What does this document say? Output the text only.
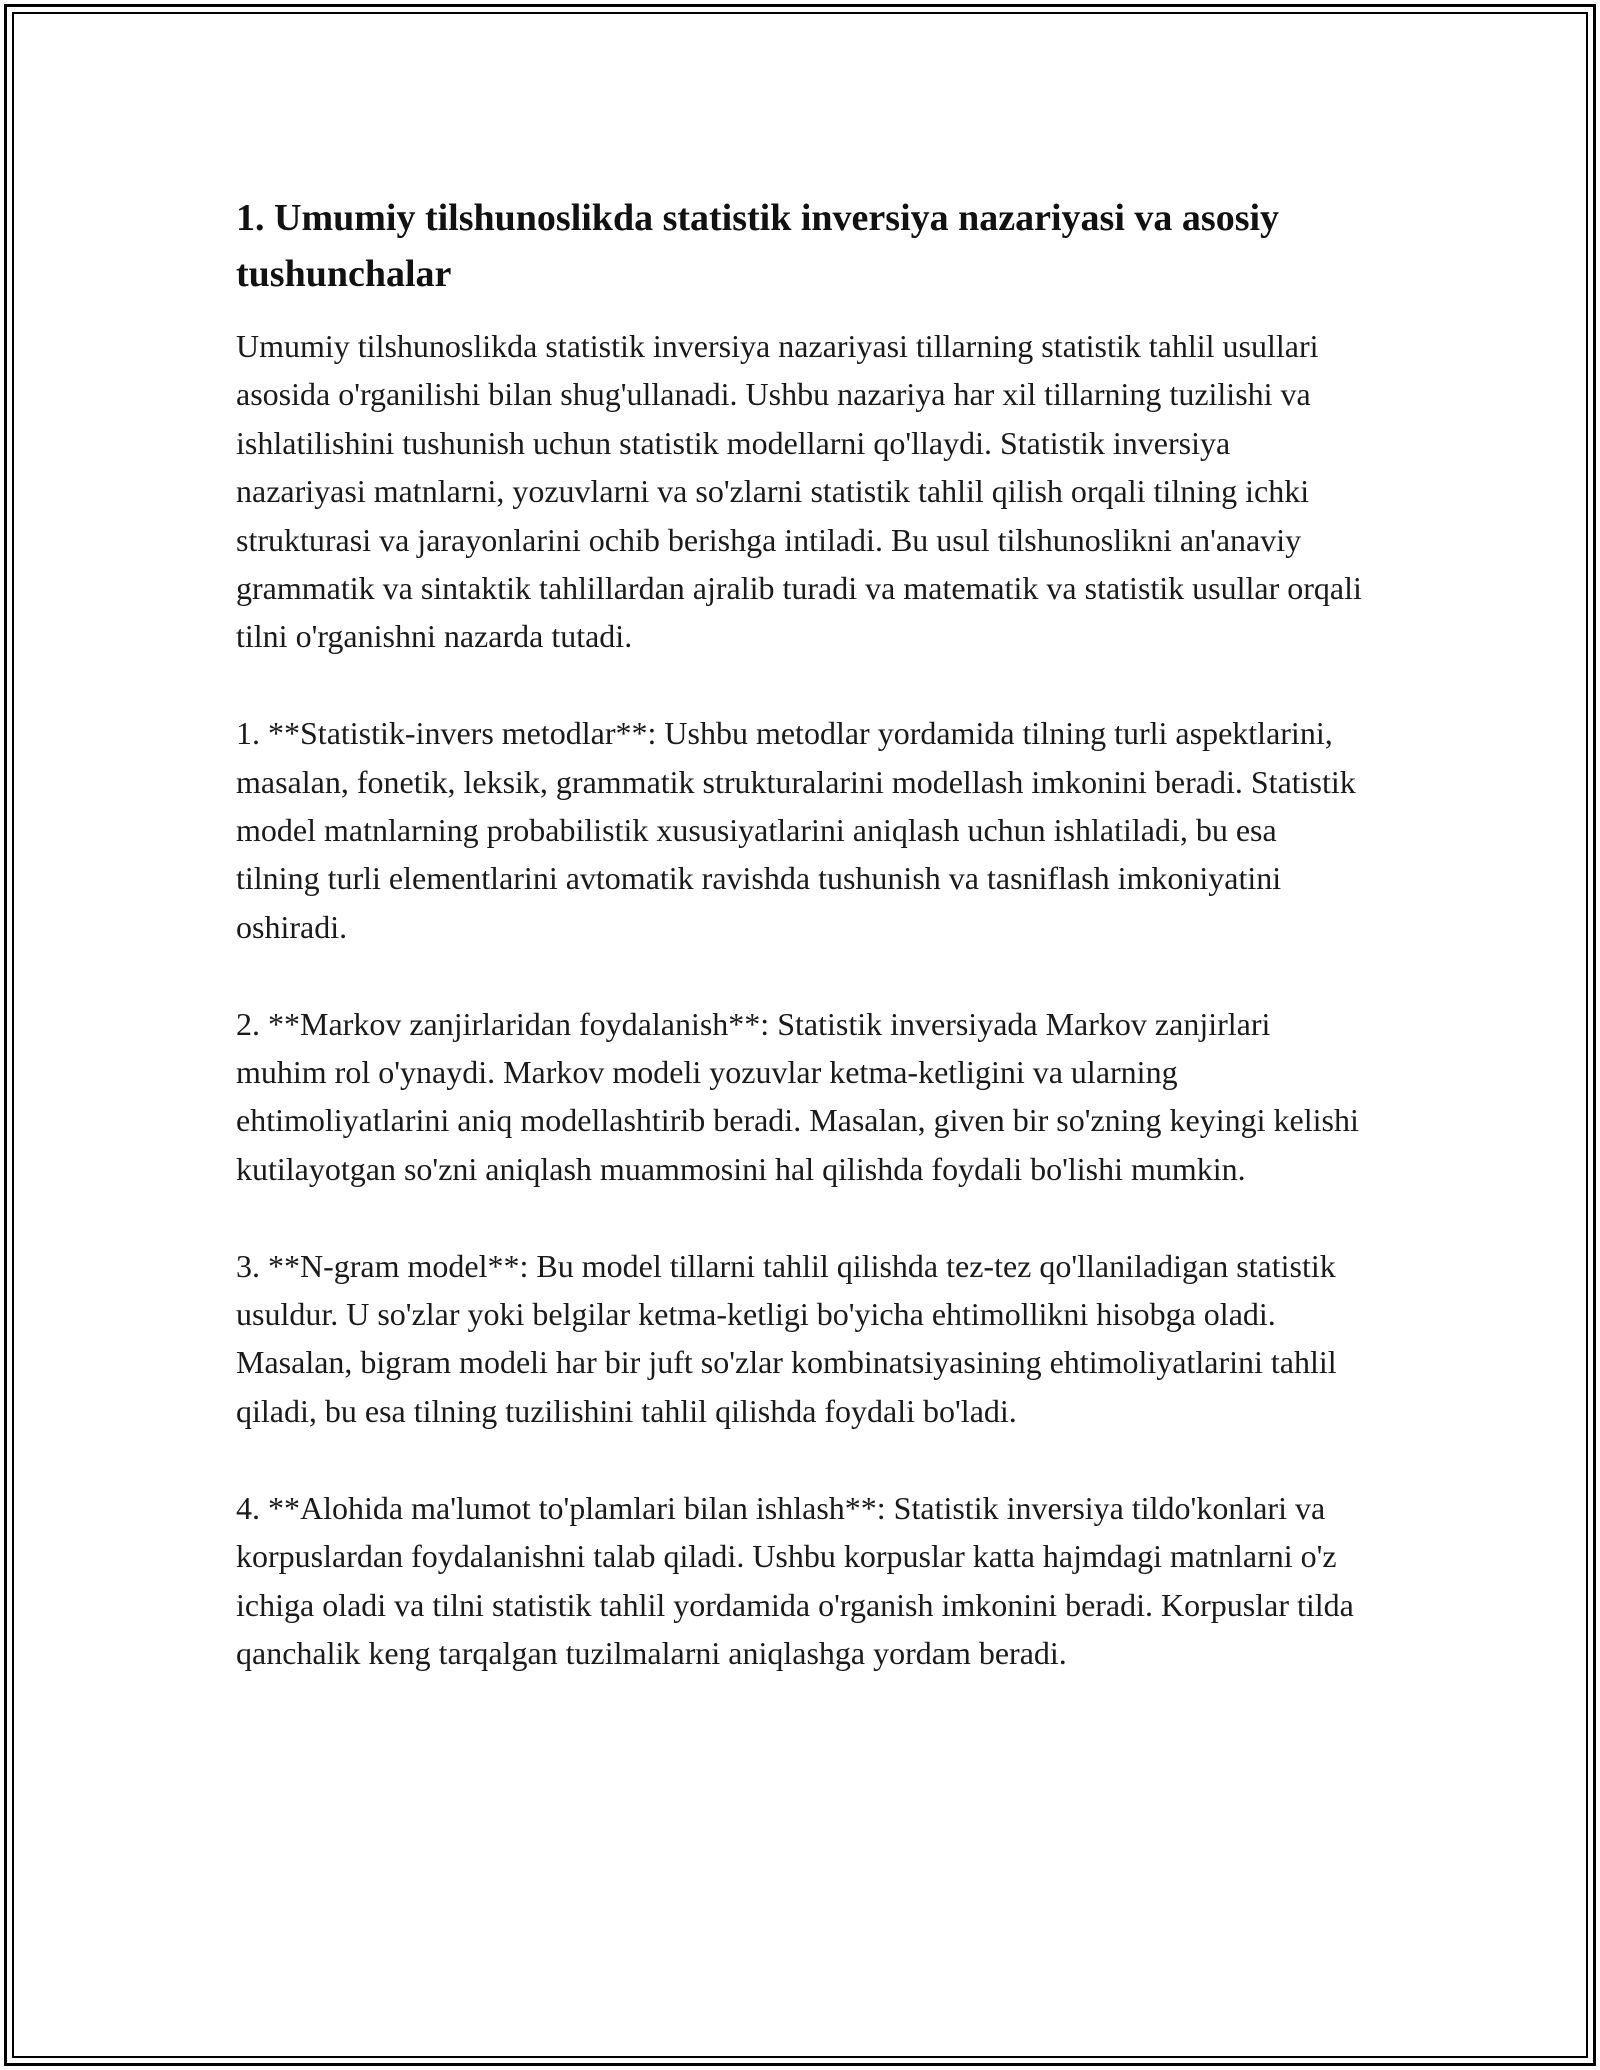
1. Umumiy tilshunoslikda statistik inversiya nazariyasi va asosiy tushunchalar

Umumiy tilshunoslikda statistik inversiya nazariyasi tillarning statistik tahlil usullari asosida o'rganilishi bilan shug'ullanadi. Ushbu nazariya har xil tillarning tuzilishi va ishlatilishini tushunish uchun statistik modellarni qo'llaydi. Statistik inversiya nazariyasi matnlarni, yozuvlarni va so'zlarni statistik tahlil qilish orqali tilning ichki strukturasi va jarayonlarini ochib berishga intiladi. Bu usul tilshunoslikni an'anaviy grammatik va sintaktik tahlillardan ajralib turadi va matematik va statistik usullar orqali tilni o'rganishni nazarda tutadi.

1. **Statistik-invers metodlar**: Ushbu metodlar yordamida tilning turli aspektlarini, masalan, fonetik, leksik, grammatik strukturalarini modellash imkonini beradi. Statistik model matnlarning probabilistik xususiyatlarini aniqlash uchun ishlatiladi, bu esa tilning turli elementlarini avtomatik ravishda tushunish va tasniflash imkoniyatini oshiradi.

2. **Markov zanjirlaridan foydalanish**: Statistik inversiyada Markov zanjirlari muhim rol o'ynaydi. Markov modeli yozuvlar ketma-ketligini va ularning ehtimoliyatlarini aniq modellashtirib beradi. Masalan, given bir so'zning keyingi kelishi kutilayotgan so'zni aniqlash muammosini hal qilishda foydali bo'lishi mumkin.

3. **N-gram model**: Bu model tillarni tahlil qilishda tez-tez qo'llaniladigan statistik usuldur. U so'zlar yoki belgilar ketma-ketligi bo'yicha ehtimollikni hisobga oladi. Masalan, bigram modeli har bir juft so'zlar kombinatsiyasining ehtimoliyatlarini tahlil qiladi, bu esa tilning tuzilishini tahlil qilishda foydali bo'ladi.

4. **Alohida ma'lumot to'plamlari bilan ishlash**: Statistik inversiya tildo'konlari va korpuslardan foydalanishni talab qiladi. Ushbu korpuslar katta hajmdagi matnlarni o'z ichiga oladi va tilni statistik tahlil yordamida o'rganish imkonini beradi. Korpuslar tilda qanchalik keng tarqalgan tuzilmalarni aniqlashga yordam beradi.
